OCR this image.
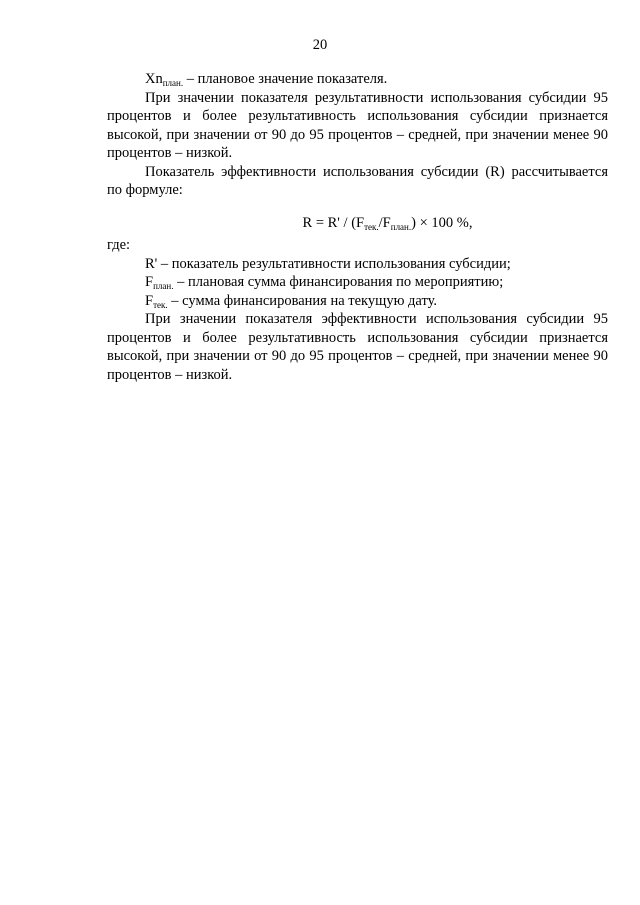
20

$Xn_{план.}$ – плановое значение показателя.

При значении показателя результативности использования субсидии 95 процентов и более результативность использования субсидии признается высокой, при значении от 90 до 95 процентов – средней, при значении менее 90 процентов – низкой.

Показатель эффективности использования субсидии (R) рассчитывается по формуле:

$R = R' / (F_{тек.}/F_{план.}) \times 100$ %,

где:

R' – показатель результативности использования субсидии;

$F_{план.}$ – плановая сумма финансирования по мероприятию;

$F_{тек.}$ – сумма финансирования на текущую дату.

При значении показателя эффективности использования субсидии 95 процентов и более результативность использования субсидии признается высокой, при значении от 90 до 95 процентов – средней, при значении менее 90 процентов – низкой.
